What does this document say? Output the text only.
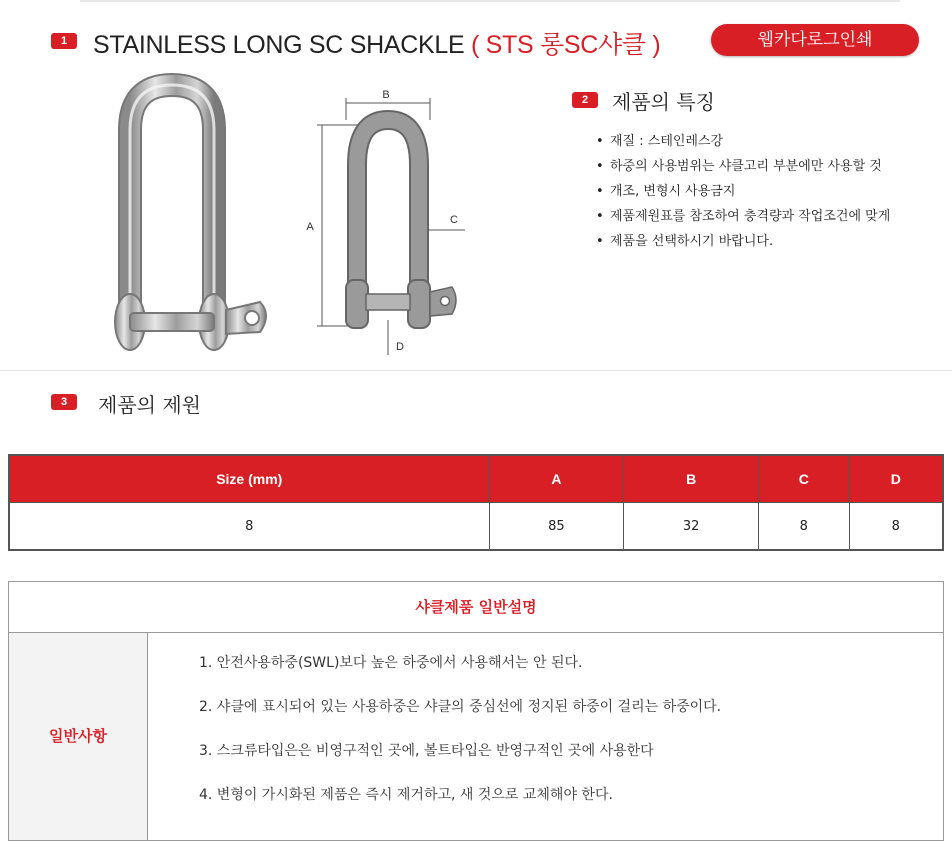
1	STAINLESS LONG SC SHACKLE ( STS 롱SC샤클 )	웹카다로그인쇄
B
A
C
D
2	제품의 특징
• 재질 : 스테인레스강
• 하중의 사용범위는 샤클고리 부분에만 사용할 것
• 개조, 변형시 사용금지
• 제품제원표를 참조하여 충격량과 작업조건에 맞게
• 제품을 선택하시기 바랍니다.
3	제품의 제원
Size (mm)	A	B	C	D
8	85	32	8	8
샤클제품 일반설명
일반사항
1. 안전사용하중(SWL)보다 높은 하중에서 사용해서는 안 된다.
2. 샤클에 표시되어 있는 사용하중은 샤클의 중심선에 정지된 하중이 걸리는 하중이다.
3. 스크류타입은은 비영구적인 곳에, 볼트타입은 반영구적인 곳에 사용한다
4. 변형이 가시화된 제품은 즉시 제거하고, 새 것으로 교체해야 한다.
